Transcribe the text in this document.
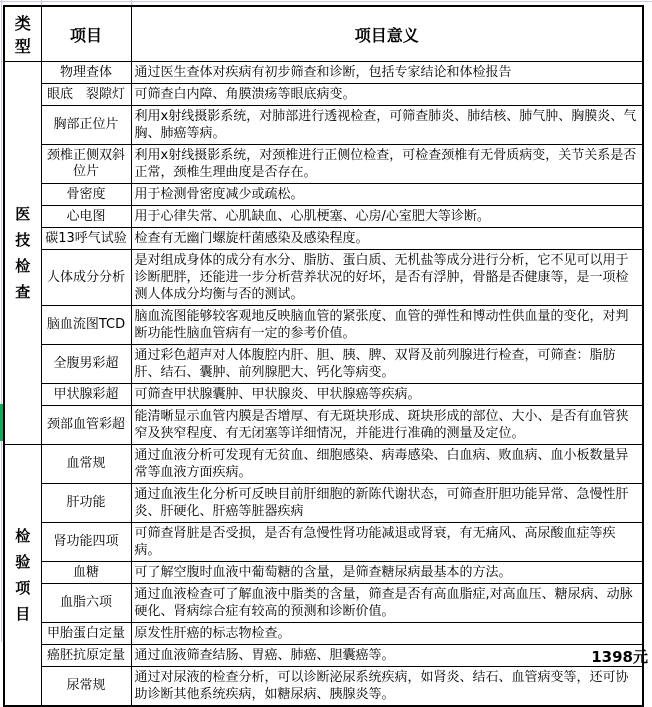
类型	项目	项目意义

医技检查	物理查体	通过医生查体对疾病有初步筛查和诊断，包括专家结论和体检报告
	眼底　裂隙灯	可筛查白内障、角膜溃疡等眼底病变。
	胸部正位片	利用x射线摄影系统，对肺部进行透视检查，可筛查肺炎、肺结核、肺气肿、胸膜炎、气胸、肺癌等病。
	颈椎正侧双斜位片	利用x射线摄影系统，对颈椎进行正侧位检查，可检查颈椎有无骨质病变，关节关系是否正常，颈椎生理曲度是否存在。
	骨密度	用于检测骨密度减少或疏松。
	心电图	用于心律失常、心肌缺血、心肌梗塞、心房/心室肥大等诊断。
	碳13呼气试验	检查有无幽门螺旋杆菌感染及感染程度。
	人体成分分析	是对组成身体的成分有水分、脂肪、蛋白质、无机盐等成分进行分析，它不见可以用于诊断肥胖，还能进一步分析营养状况的好坏，是否有浮肿，骨骼是否健康等，是一项检测人体成分均衡与否的测试。
	脑血流图TCD	脑血流图能够较客观地反映脑血管的紧张度、血管的弹性和博动性供血量的变化，对判断功能性脑血管病有一定的参考价值。
	全腹男彩超	通过彩色超声对人体腹腔内肝、胆、胰、脾、双肾及前列腺进行检查，可筛查：脂肪肝、结石、囊肿、前列腺肥大、钙化等病变。
	甲状腺彩超	可筛查甲状腺囊肿、甲状腺炎、甲状腺癌等疾病。
	颈部血管彩超	能清晰显示血管内膜是否增厚、有无斑块形成、斑块形成的部位、大小、是否有血管狭窄及狭窄程度、有无闭塞等详细情况，并能进行准确的测量及定位。

检验项目	血常规	通过血液分析可发现有无贫血、细胞感染、病毒感染、白血病、败血病、血小板数量异常等血液方面疾病。
	肝功能	通过血液生化分析可反映目前肝细胞的新陈代谢状态，可筛查肝胆功能异常、急慢性肝炎、肝硬化、肝癌等脏器疾病
	肾功能四项	可筛查肾脏是否受损，是否有急慢性肾功能减退或肾衰，有无痛风、高尿酸血症等疾病。
	血糖	可了解空腹时血液中葡萄糖的含量，是筛查糖尿病最基本的方法。
	血脂六项	通过血液检查可了解血液中脂类的含量，筛查是否有高血脂症,对高血压、糖尿病、动脉硬化、肾病综合症有较高的预测和诊断价值。
	甲胎蛋白定量	原发性肝癌的标志物检查。
	癌胚抗原定量	通过血液筛查结肠、胃癌、肺癌、胆囊癌等。
	尿常规	通过对尿液的检查分析，可以诊断泌尿系统疾病，如肾炎、结石、血管病变等，还可协助诊断其他系统疾病，如糖尿病、胰腺炎等。
1398元
